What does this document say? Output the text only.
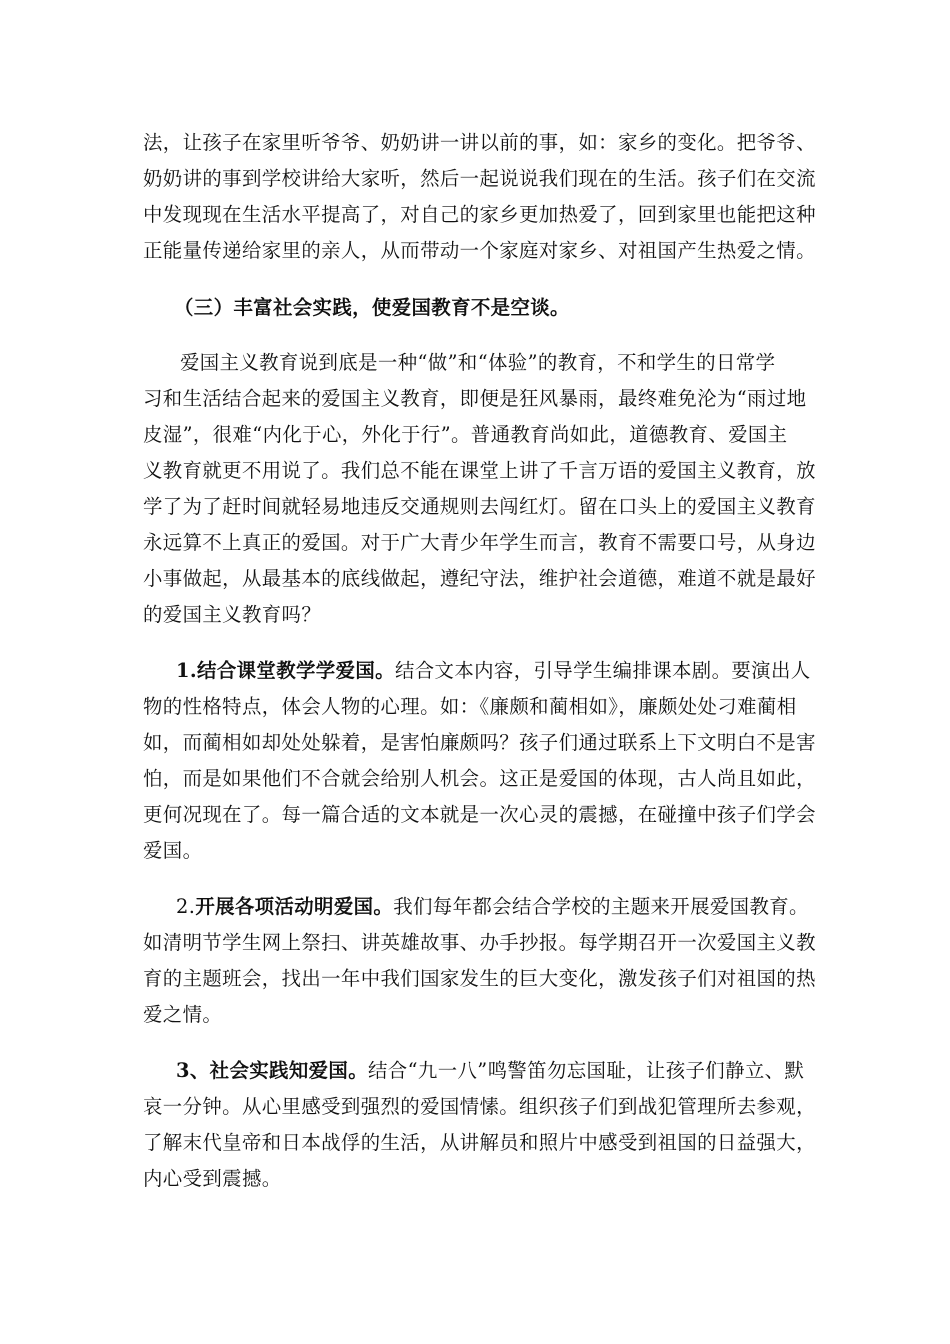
法，让孩子在家里听爷爷、奶奶讲一讲以前的事，如：家乡的变化。把爷爷、
奶奶讲的事到学校讲给大家听，然后一起说说我们现在的生活。孩子们在交流
中发现现在生活水平提高了，对自己的家乡更加热爱了，回到家里也能把这种
正能量传递给家里的亲人，从而带动一个家庭对家乡、对祖国产生热爱之情。
（三）丰富社会实践，使爱国教育不是空谈。
爱国主义教育说到底是一种“做”和“体验”的教育，不和学生的日常学
习和生活结合起来的爱国主义教育，即便是狂风暴雨，最终难免沦为“雨过地
皮湿”，很难“内化于心，外化于行”。普通教育尚如此，道德教育、爱国主
义教育就更不用说了。我们总不能在课堂上讲了千言万语的爱国主义教育，放
学了为了赶时间就轻易地违反交通规则去闯红灯。留在口头上的爱国主义教育
永远算不上真正的爱国。对于广大青少年学生而言，教育不需要口号，从身边
小事做起，从最基本的底线做起，遵纪守法，维护社会道德，难道不就是最好
的爱国主义教育吗？
1.结合课堂教学学爱国。结合文本内容，引导学生编排课本剧。要演出人
物的性格特点，体会人物的心理。如：《廉颇和蔺相如》，廉颇处处刁难蔺相
如，而蔺相如却处处躲着，是害怕廉颇吗？孩子们通过联系上下文明白不是害
怕，而是如果他们不合就会给别人机会。这正是爱国的体现，古人尚且如此，
更何况现在了。每一篇合适的文本就是一次心灵的震撼，在碰撞中孩子们学会
爱国。
2.开展各项活动明爱国。我们每年都会结合学校的主题来开展爱国教育。
如清明节学生网上祭扫、讲英雄故事、办手抄报。每学期召开一次爱国主义教
育的主题班会，找出一年中我们国家发生的巨大变化，激发孩子们对祖国的热
爱之情。
3、社会实践知爱国。结合“九一八”鸣警笛勿忘国耻，让孩子们静立、默
哀一分钟。从心里感受到强烈的爱国情愫。组织孩子们到战犯管理所去参观，
了解末代皇帝和日本战俘的生活，从讲解员和照片中感受到祖国的日益强大，
内心受到震撼。
